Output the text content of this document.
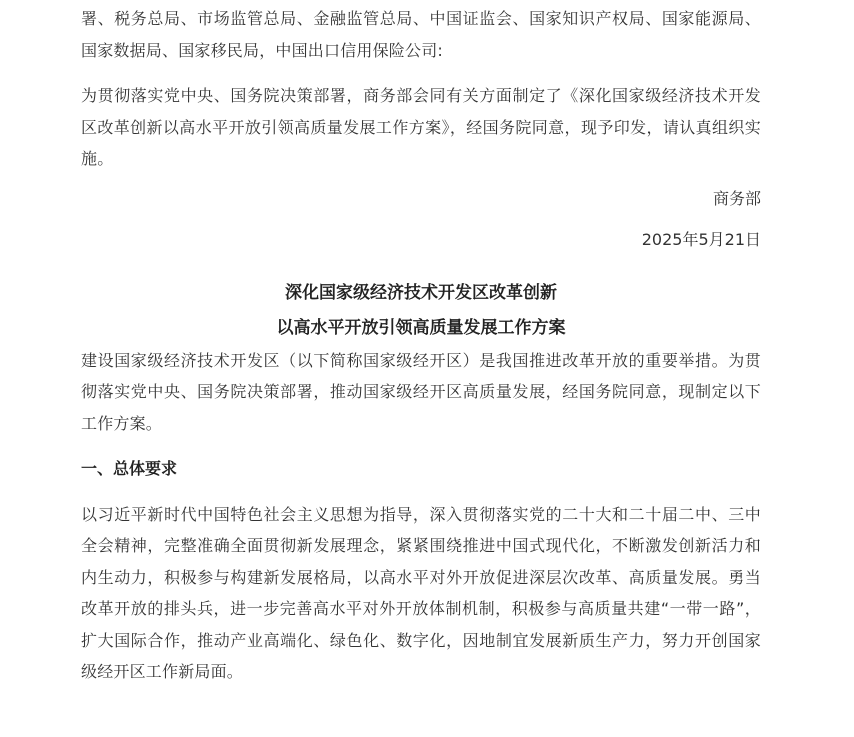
署、税务总局、市场监管总局、金融监管总局、中国证监会、国家知识产权局、国家能源局、国家数据局、国家移民局，中国出口信用保险公司:

为贯彻落实党中央、国务院决策部署，商务部会同有关方面制定了《深化国家级经济技术开发区改革创新以高水平开放引领高质量发展工作方案》，经国务院同意，现予印发，请认真组织实施。

商务部

2025年5月21日

深化国家级经济技术开发区改革创新

以高水平开放引领高质量发展工作方案

建设国家级经济技术开发区（以下简称国家级经开区）是我国推进改革开放的重要举措。为贯彻落实党中央、国务院决策部署，推动国家级经开区高质量发展，经国务院同意，现制定以下工作方案。

一、总体要求

以习近平新时代中国特色社会主义思想为指导，深入贯彻落实党的二十大和二十届二中、三中全会精神，完整准确全面贯彻新发展理念，紧紧围绕推进中国式现代化，不断激发创新活力和内生动力，积极参与构建新发展格局，以高水平对外开放促进深层次改革、高质量发展。勇当改革开放的排头兵，进一步完善高水平对外开放体制机制，积极参与高质量共建“一带一路”，扩大国际合作，推动产业高端化、绿色化、数字化，因地制宜发展新质生产力，努力开创国家级经开区工作新局面。
